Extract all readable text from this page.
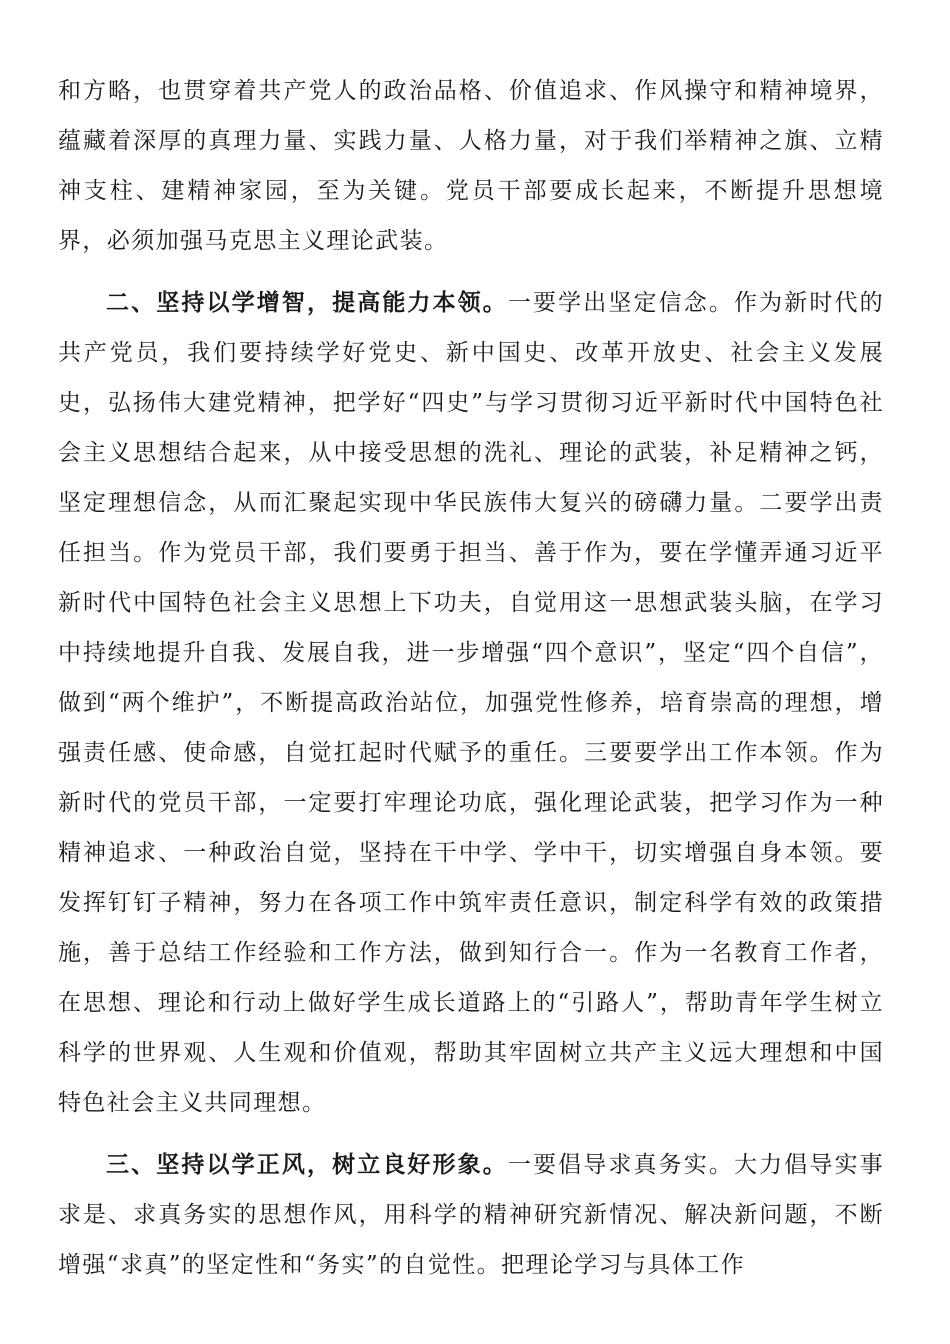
和方略，也贯穿着共产党人的政治品格、价值追求、作风操守和精神境界，蕴藏着深厚的真理力量、实践力量、人格力量，对于我们举精神之旗、立精神支柱、建精神家园，至为关键。党员干部要成长起来，不断提升思想境界，必须加强马克思主义理论武装。

二、坚持以学增智，提高能力本领。一要学出坚定信念。作为新时代的共产党员，我们要持续学好党史、新中国史、改革开放史、社会主义发展史，弘扬伟大建党精神，把学好“四史”与学习贯彻习近平新时代中国特色社会主义思想结合起来，从中接受思想的洗礼、理论的武装，补足精神之钙，坚定理想信念，从而汇聚起实现中华民族伟大复兴的磅礴力量。二要学出责任担当。作为党员干部，我们要勇于担当、善于作为，要在学懂弄通习近平新时代中国特色社会主义思想上下功夫，自觉用这一思想武装头脑，在学习中持续地提升自我、发展自我，进一步增强“四个意识”，坚定“四个自信”，做到“两个维护”，不断提高政治站位，加强党性修养，培育崇高的理想，增强责任感、使命感，自觉扛起时代赋予的重任。三要要学出工作本领。作为新时代的党员干部，一定要打牢理论功底，强化理论武装，把学习作为一种精神追求、一种政治自觉，坚持在干中学、学中干，切实增强自身本领。要发挥钉钉子精神，努力在各项工作中筑牢责任意识，制定科学有效的政策措施，善于总结工作经验和工作方法，做到知行合一。作为一名教育工作者，在思想、理论和行动上做好学生成长道路上的“引路人”，帮助青年学生树立科学的世界观、人生观和价值观，帮助其牢固树立共产主义远大理想和中国特色社会主义共同理想。

三、坚持以学正风，树立良好形象。一要倡导求真务实。大力倡导实事求是、求真务实的思想作风，用科学的精神研究新情况、解决新问题，不断增强“求真”的坚定性和“务实”的自觉性。把理论学习与具体工作
